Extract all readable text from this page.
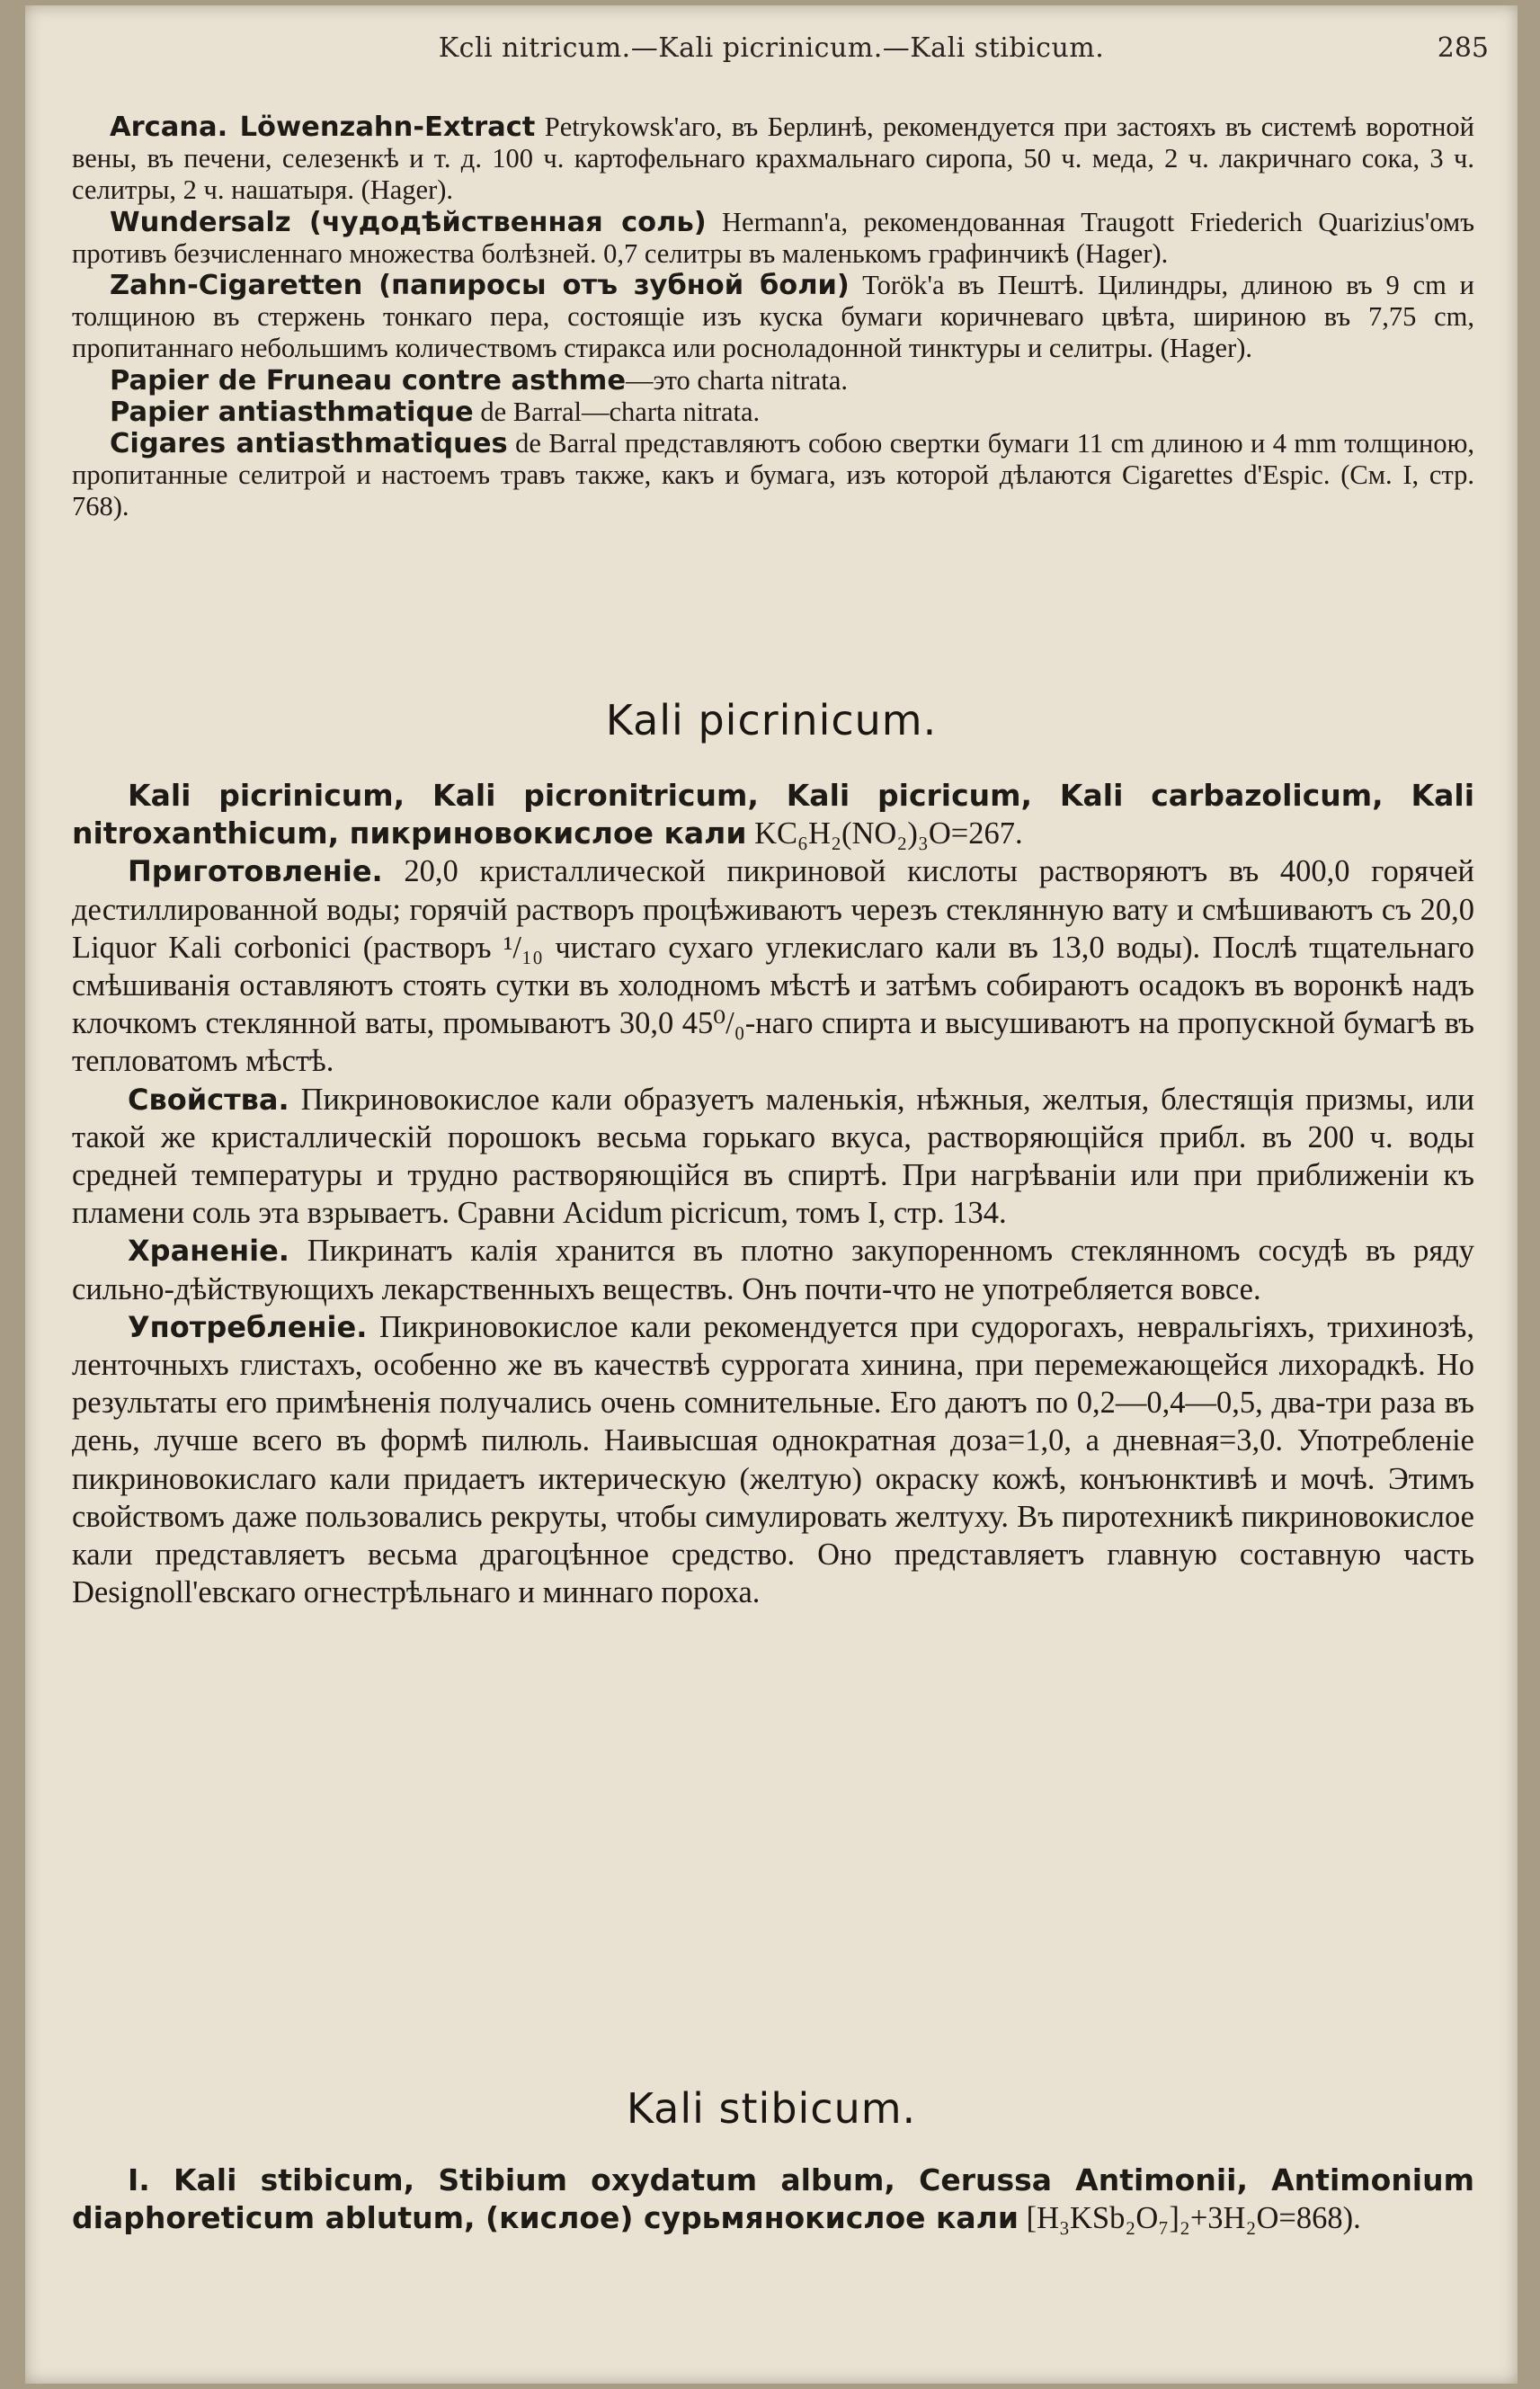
Kcli nitricum.—Kali picrinicum.—Kali stibicum.	285

Arcana. Löwenzahn-Extract Petrykowsk'аго, въ Берлинѣ, рекомендуется при застояхъ въ системѣ воротной вены, въ печени, селезенкѣ и т. д. 100 ч. картофельнаго крахмальнаго сиропа, 50 ч. меда, 2 ч. лакричнаго сока, 3 ч. селитры, 2 ч. нашатыря. (Hager).

Wundersalz (чудодѣйственная соль) Hermann'а, рекомендованная Traugott Friederich Quarizius'омъ противъ безчисленнаго множества болѣзней. 0,7 селитры въ маленькомъ графинчикѣ (Hager).

Zahn-Cigaretten (папиросы отъ зубной боли) Torök'а въ Пештѣ. Цилиндры, длиною въ 9 cm и толщиною въ стержень тонкаго пера, состоящіе изъ куска бумаги коричневаго цвѣта, шириною въ 7,75 cm, пропитаннаго небольшимъ количествомъ стиракса или росноладонной тинктуры и селитры. (Hager).

Papier de Fruneau contre asthme—это charta nitrata.

Papier antiasthmatique de Barral—charta nitrata.

Cigares antiasthmatiques de Barral представляютъ собою свертки бумаги 11 cm длиною и 4 mm толщиною, пропитанные селитрой и настоемъ травъ также, какъ и бумага, изъ которой дѣлаются Cigarettes d'Espic. (См. I, стр. 768).

Kali picrinicum.

Kali picrinicum, Kali picronitricum, Kali picricum, Kali carbazolicum, Kali nitroxanthicum, пикриновокислое кали KC₆H₂(NO₂)₃O=267.

Приготовленіе. 20,0 кристаллической пикриновой кислоты растворяютъ въ 400,0 горячей дестиллированной воды; горячій растворъ процѣживаютъ черезъ стеклянную вату и смѣшиваютъ съ 20,0 Liquor Kali corbonici (растворъ ¹/₁₀ чистаго сухаго углекислаго кали въ 13,0 воды). Послѣ тщательнаго смѣшиванія оставляютъ стоять сутки въ холодномъ мѣстѣ и затѣмъ собираютъ осадокъ въ воронкѣ надъ клочкомъ стеклянной ваты, промываютъ 30,0 45⁰/₀-наго спирта и высушиваютъ на пропускной бумагѣ въ тепловатомъ мѣстѣ.

Свойства. Пикриновокислое кали образуетъ маленькія, нѣжныя, желтыя, блестящія призмы, или такой же кристаллическій порошокъ весьма горькаго вкуса, растворяющійся прибл. въ 200 ч. воды средней температуры и трудно растворяющійся въ спиртѣ. При нагрѣваніи или при приближеніи къ пламени соль эта взрываетъ. Сравни Acidum picricum, томъ I, стр. 134.

Храненіе. Пикринатъ калія хранится въ плотно закупоренномъ стеклянномъ сосудѣ въ ряду сильно-дѣйствующихъ лекарственныхъ веществъ. Онъ почти-что не употребляется вовсе.

Употребленіе. Пикриновокислое кали рекомендуется при судорогахъ, невральгіяхъ, трихинозѣ, ленточныхъ глистахъ, особенно же въ качествѣ суррогата хинина, при перемежающейся лихорадкѣ. Но результаты его примѣненія получались очень сомнительные. Его даютъ по 0,2—0,4—0,5, два-три раза въ день, лучше всего въ формѣ пилюль. Наивысшая однократная доза=1,0, а дневная=3,0. Употребленіе пикриновокислаго кали придаетъ иктерическую (желтую) окраску кожѣ, конъюнктивѣ и мочѣ. Этимъ свойствомъ даже пользовались рекруты, чтобы симулировать желтуху. Въ пиротехникѣ пикриновокислое кали представляетъ весьма драгоцѣнное средство. Оно представляетъ главную составную часть Designoll'евскаго огнестрѣльнаго и миннаго пороха.

Kali stibicum.

I. Kali stibicum, Stibium oxydatum album, Cerussa Antimonii, Antimonium diaphoreticum ablutum, (кислое) сурьмянокислое кали [H₃KSb₂O₇]₂+3H₂O=868).
